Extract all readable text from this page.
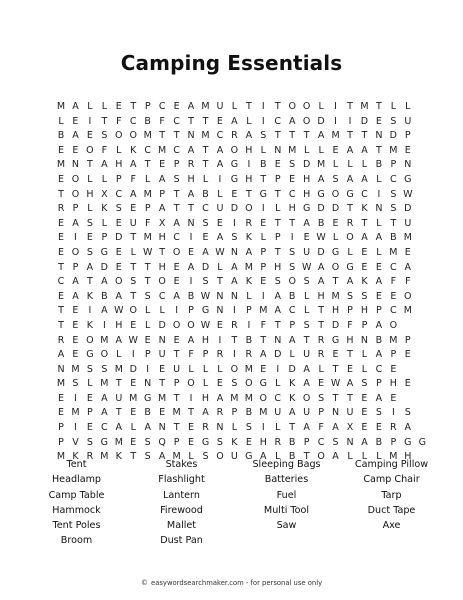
Camping Essentials
M A L L E T P C E A M U L T	I	T O O L	I	T M T L L
L E	I	T F C B F C T T E A L	I	C A O D I	I D E S U
B A E S O O M T T N M C R A S T T T A M T T N D P
E E O F L K C M C A T A O H L N M L L E A A T M E
M N T A H A T E P R T A G I	B E S D M L L L B P N
E O L L P F L A S H L	I G H T P E H A S A A L C G
T O H X C A M P T A B L E T G T C H G O G C	I	S W
R P L K S E P A T T C U D O I	L H G D D T K N S D
E A S L E U F X A N S E	I	R E T T A B E R T L T U
E	I	E P D T M H C	I	E A S K L P	I	E W L O A A B M
E O S G E L W T O E A W N A P T S U D G L E L M E
T P A D E T T H E A D L A M P H S W A O G E E C A
C A T A O S T O E	I	S T A K E S O S A T A K A F F
E A K B A T S C A B W N N L	I	A B L H M S S E E O
T E	I	A W O L L	I	P G N	I	P M A C L T H P H P C M
T E K	I H E L D O O W E R	I	F T P S T D F P A O
R E O M A W E N E A H I	T B T N A T R G H N B M P
A E G O L	I	P U T F P R	I	R A D L U R E T L A P E
N M S S M D I	E U L L L O M E	I D A L T E L C E
M S L M T E N T P O L E S O G L K A E W A S P H E
E	I	E A U M G M T	I H A M M O C K O S T T E A E
E M P A T E B E M T A R P B M U A U P N U E S	I	S
P	I	E C A L A N T E R N L S	I	L T A F A X E E R A
P V S G M E S Q P E G S K E H R B P C S N A B P G G
M K R M K T S A M L S O U G A L B T O A L L L M H
Tent
Headlamp
Camp Table
Hammock
Tent Poles
Broom
Stakes
Flashlight
Lantern
Firewood
Mallet
Dust Pan
Sleeping Bags
Batteries
Fuel
Multi Tool
Saw
Camping Pillow
Camp Chair
Tarp
Duct Tape
Axe
© easywordsearchmaker.com - for personal use only
